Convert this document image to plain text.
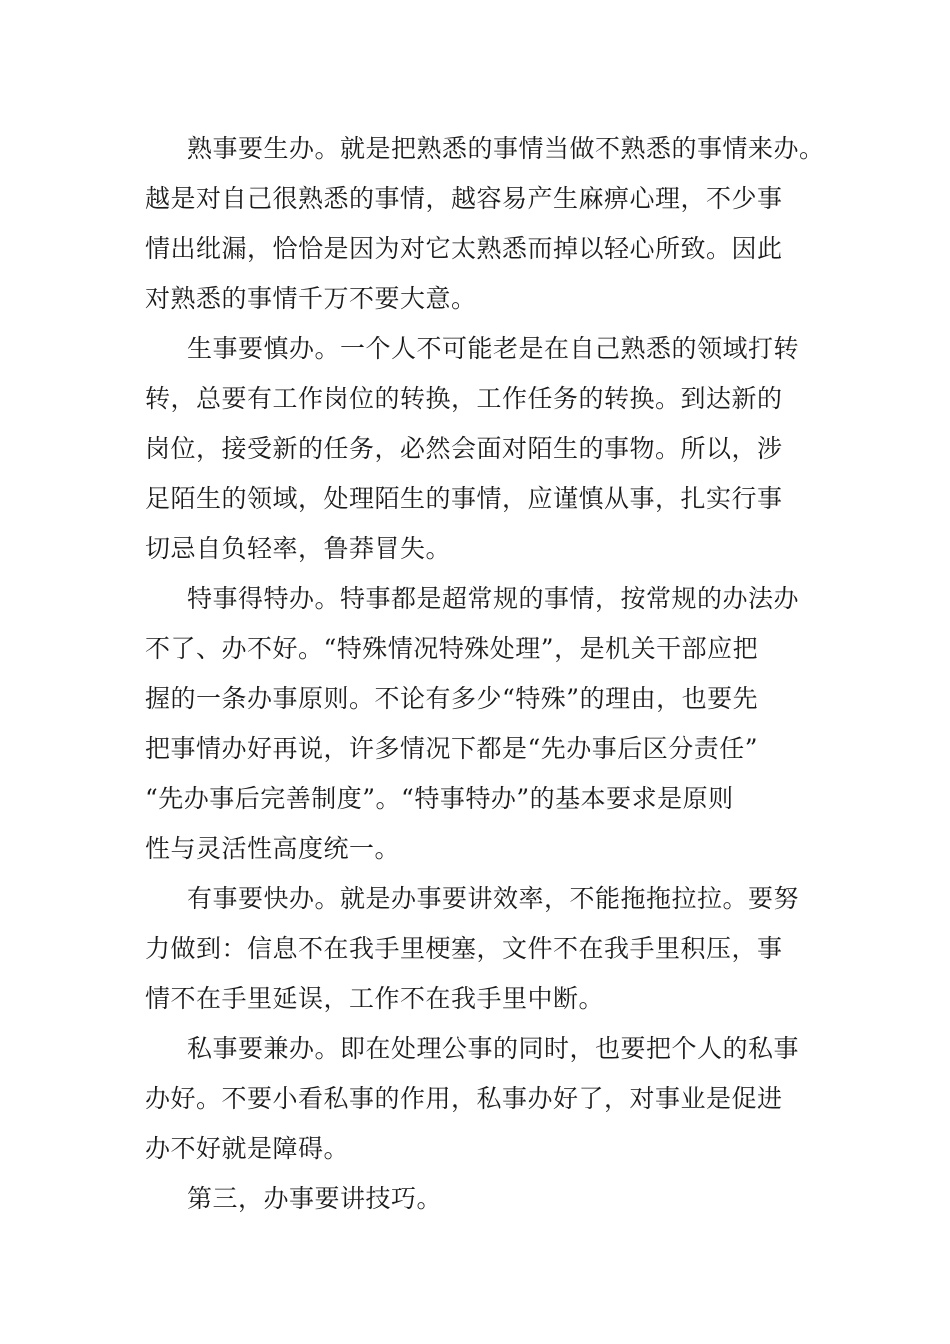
熟事要生办。就是把熟悉的事情当做不熟悉的事情来办。
越是对自己很熟悉的事情，越容易产生麻痹心理，不少事
情出纰漏，恰恰是因为对它太熟悉而掉以轻心所致。因此
对熟悉的事情千万不要大意。
生事要慎办。一个人不可能老是在自己熟悉的领域打转
转，总要有工作岗位的转换，工作任务的转换。到达新的
岗位，接受新的任务，必然会面对陌生的事物。所以，涉
足陌生的领域，处理陌生的事情，应谨慎从事，扎实行事
切忌自负轻率，鲁莽冒失。
特事得特办。特事都是超常规的事情，按常规的办法办
不了、办不好。“特殊情况特殊处理”，是机关干部应把
握的一条办事原则。不论有多少“特殊”的理由，也要先
把事情办好再说，许多情况下都是“先办事后区分责任”
“先办事后完善制度”。“特事特办”的基本要求是原则
性与灵活性高度统一。
有事要快办。就是办事要讲效率，不能拖拖拉拉。要努
力做到：信息不在我手里梗塞，文件不在我手里积压，事
情不在手里延误，工作不在我手里中断。
私事要兼办。即在处理公事的同时，也要把个人的私事
办好。不要小看私事的作用，私事办好了，对事业是促进
办不好就是障碍。
第三，办事要讲技巧。
